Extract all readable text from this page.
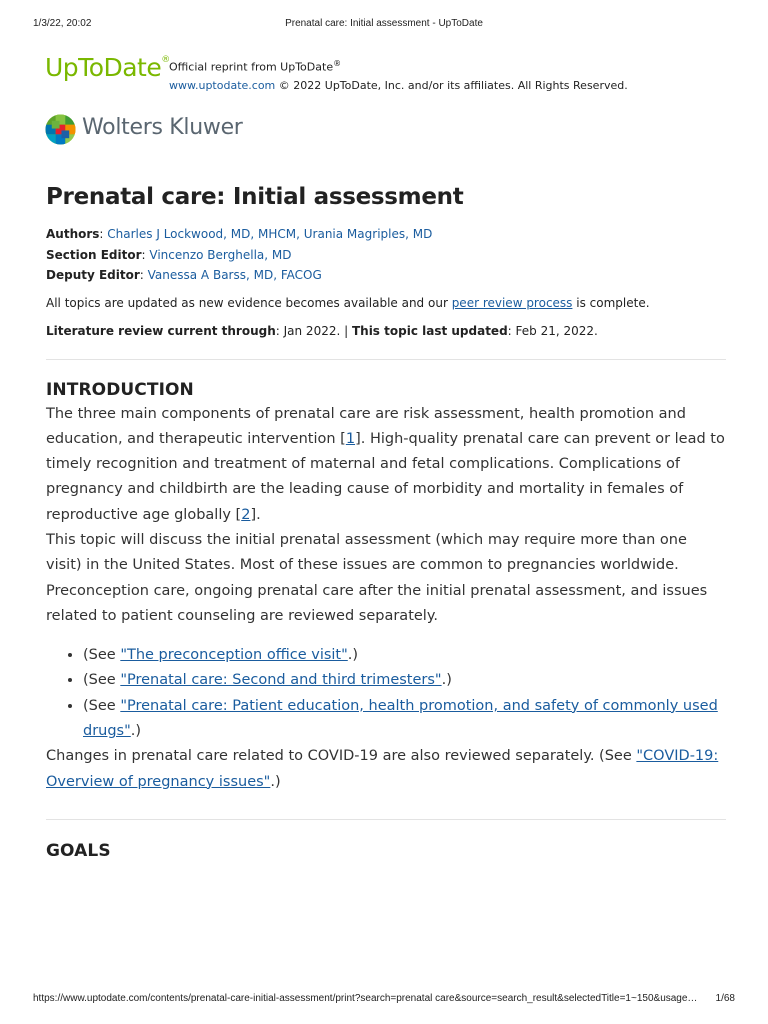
1/3/22, 20:02	Prenatal care: Initial assessment - UpToDate
UpToDate®
Official reprint from UpToDate®
www.uptodate.com © 2022 UpToDate, Inc. and/or its affiliates. All Rights Reserved.
Wolters Kluwer
Prenatal care: Initial assessment
Authors: Charles J Lockwood, MD, MHCM, Urania Magriples, MD
Section Editor: Vincenzo Berghella, MD
Deputy Editor: Vanessa A Barss, MD, FACOG
All topics are updated as new evidence becomes available and our peer review process is complete.
Literature review current through: Jan 2022. | This topic last updated: Feb 21, 2022.
INTRODUCTION

The three main components of prenatal care are risk assessment, health promotion and education, and therapeutic intervention [1]. High-quality prenatal care can prevent or lead to timely recognition and treatment of maternal and fetal complications. Complications of pregnancy and childbirth are the leading cause of morbidity and mortality in females of reproductive age globally [2].

This topic will discuss the initial prenatal assessment (which may require more than one visit) in the United States. Most of these issues are common to pregnancies worldwide. Preconception care, ongoing prenatal care after the initial prenatal assessment, and issues related to patient counseling are reviewed separately.

• (See "The preconception office visit".)
• (See "Prenatal care: Second and third trimesters".)
• (See "Prenatal care: Patient education, health promotion, and safety of commonly used drugs".)

Changes in prenatal care related to COVID-19 are also reviewed separately. (See "COVID-19: Overview of pregnancy issues".)

GOALS
https://www.uptodate.com/contents/prenatal-care-initial-assessment/print?search=prenatal care&source=search_result&selectedTitle=1~150&usage…	1/68
